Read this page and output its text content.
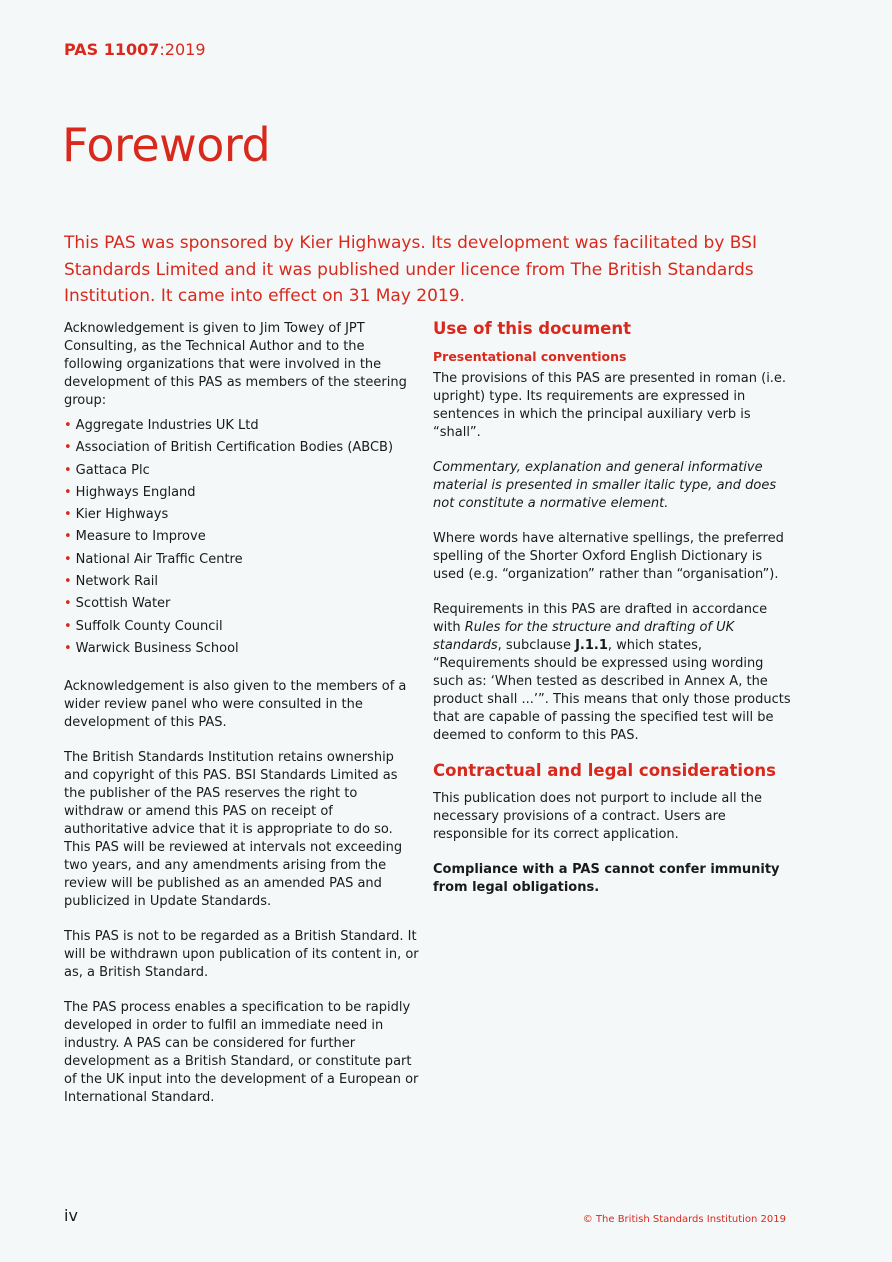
PAS 11007:2019
Foreword

This PAS was sponsored by Kier Highways. Its development was facilitated by BSI Standards Limited and it was published under licence from The British Standards Institution. It came into effect on 31 May 2019.

Acknowledgement is given to Jim Towey of JPT Consulting, as the Technical Author and to the following organizations that were involved in the development of this PAS as members of the steering group:

• Aggregate Industries UK Ltd
• Association of British Certification Bodies (ABCB)
• Gattaca Plc
• Highways England
• Kier Highways
• Measure to Improve
• National Air Traffic Centre
• Network Rail
• Scottish Water
• Suffolk County Council
• Warwick Business School

Acknowledgement is also given to the members of a wider review panel who were consulted in the development of this PAS.

The British Standards Institution retains ownership and copyright of this PAS. BSI Standards Limited as the publisher of the PAS reserves the right to withdraw or amend this PAS on receipt of authoritative advice that it is appropriate to do so. This PAS will be reviewed at intervals not exceeding two years, and any amendments arising from the review will be published as an amended PAS and publicized in Update Standards.

This PAS is not to be regarded as a British Standard. It will be withdrawn upon publication of its content in, or as, a British Standard.

The PAS process enables a specification to be rapidly developed in order to fulfil an immediate need in industry. A PAS can be considered for further development as a British Standard, or constitute part of the UK input into the development of a European or International Standard.

Use of this document
Presentational conventions

The provisions of this PAS are presented in roman (i.e. upright) type. Its requirements are expressed in sentences in which the principal auxiliary verb is “shall”.

Commentary, explanation and general informative material is presented in smaller italic type, and does not constitute a normative element.

Where words have alternative spellings, the preferred spelling of the Shorter Oxford English Dictionary is used (e.g. “organization” rather than “organisation”).

Requirements in this PAS are drafted in accordance with Rules for the structure and drafting of UK standards, subclause J.1.1, which states, “Requirements should be expressed using wording such as: ‘When tested as described in Annex A, the product shall ...’”. This means that only those products that are capable of passing the specified test will be deemed to conform to this PAS.

Contractual and legal considerations

This publication does not purport to include all the necessary provisions of a contract. Users are responsible for its correct application.

Compliance with a PAS cannot confer immunity from legal obligations.

iv	© The British Standards Institution 2019
